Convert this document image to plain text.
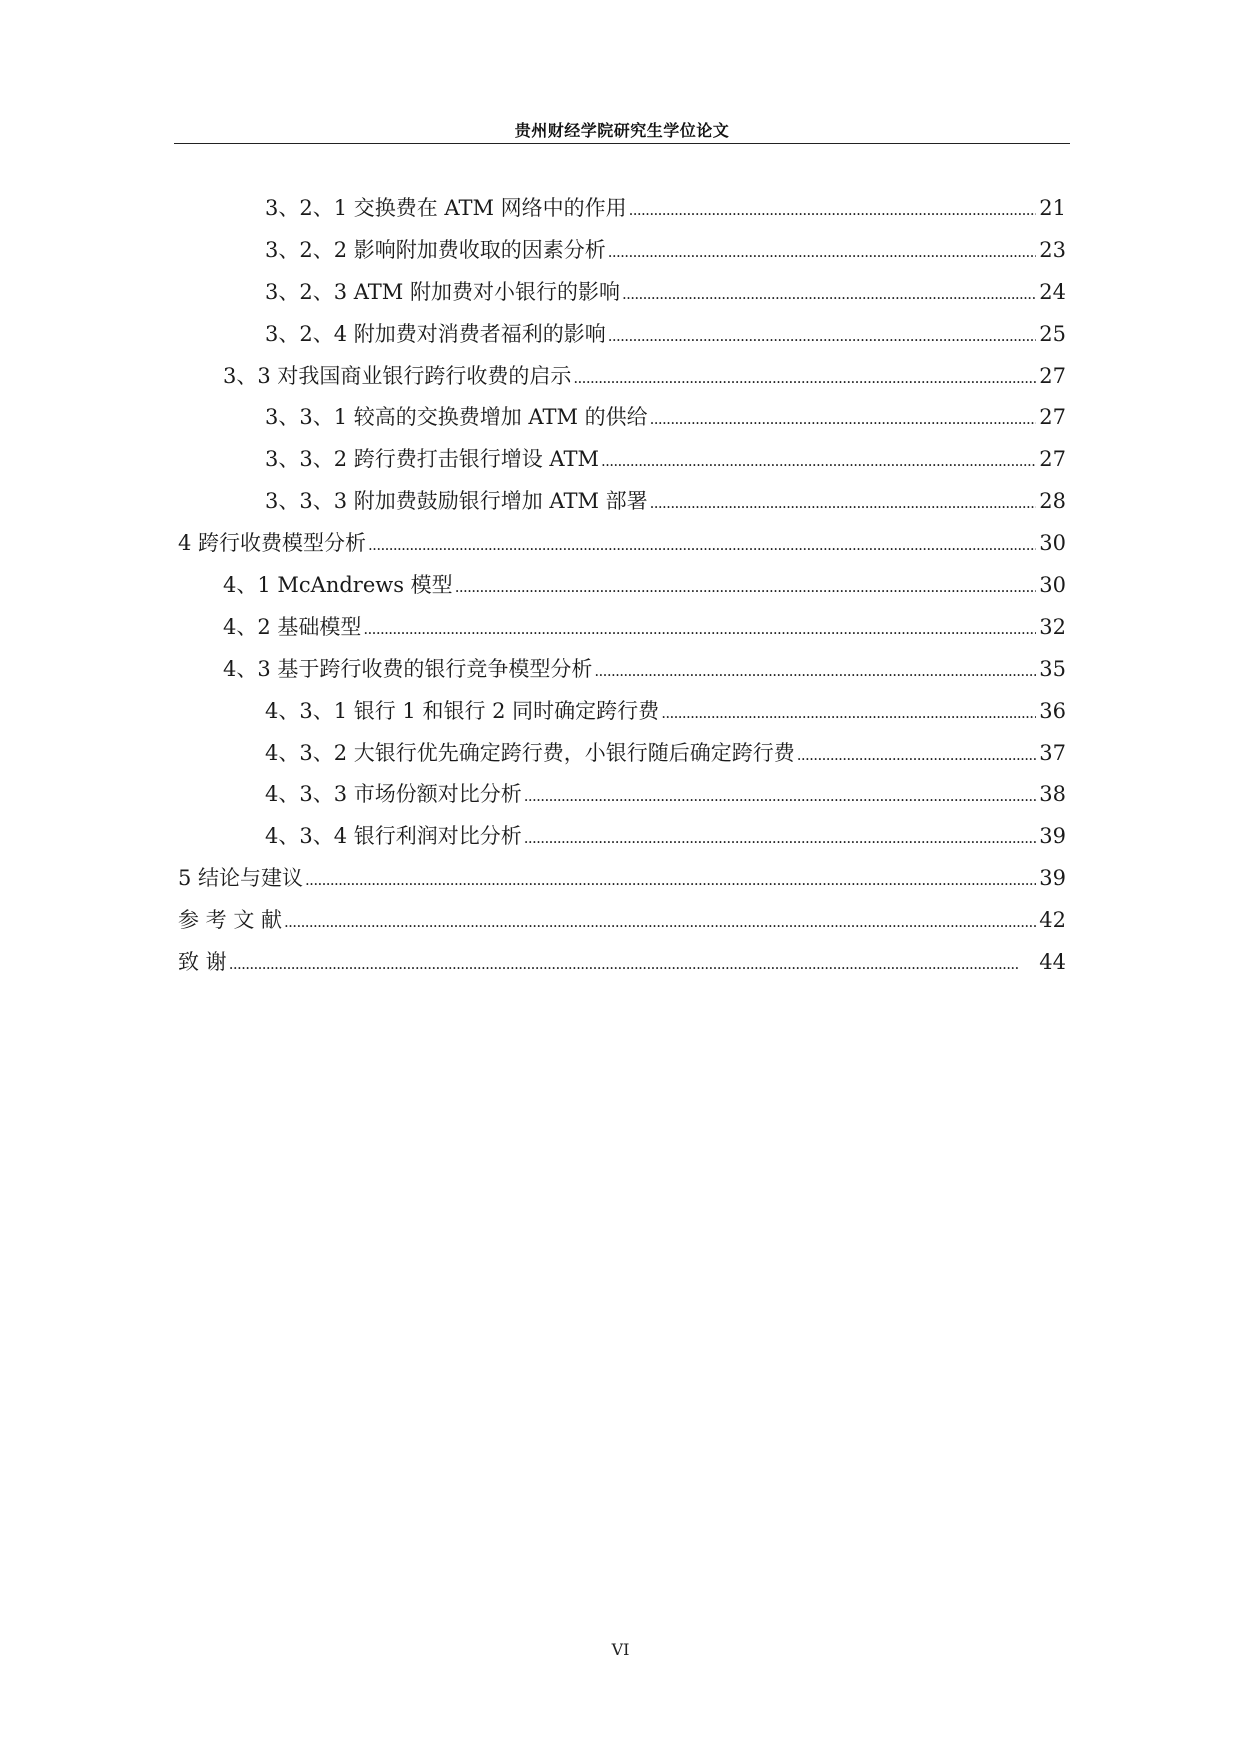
贵州财经学院研究生学位论文
3、2、1 交换费在 ATM 网络中的作用 . . .	21
3、2、2 影响附加费收取的因素分析 . . .	23
3、2、3 ATM 附加费对小银行的影响 . . .	24
3、2、4 附加费对消费者福利的影响 . . .	25
3、3 对我国商业银行跨行收费的启示 . . .	27
3、3、1 较高的交换费增加 ATM 的供给 . . .	27
3、3、2 跨行费打击银行增设 ATM . . .	27
3、3、3 附加费鼓励银行增加 ATM 部署 . . .	28
4 跨行收费模型分析 . . .	30
4、1 McAndrews 模型 . . .	30
4、2 基础模型 . . .	32
4、3 基于跨行收费的银行竞争模型分析 . . .	35
4、3、1 银行 1 和银行 2 同时确定跨行费 . . .	36
4、3、2 大银行优先确定跨行费，小银行随后确定跨行费 . . .	37
4、3、3 市场份额对比分析 . . .	38
4、3、4 银行利润对比分析 . . .	39
5 结论与建议 . . .	39
参 考 文 献 . . .	42
致 谢 . . .	44
VI
